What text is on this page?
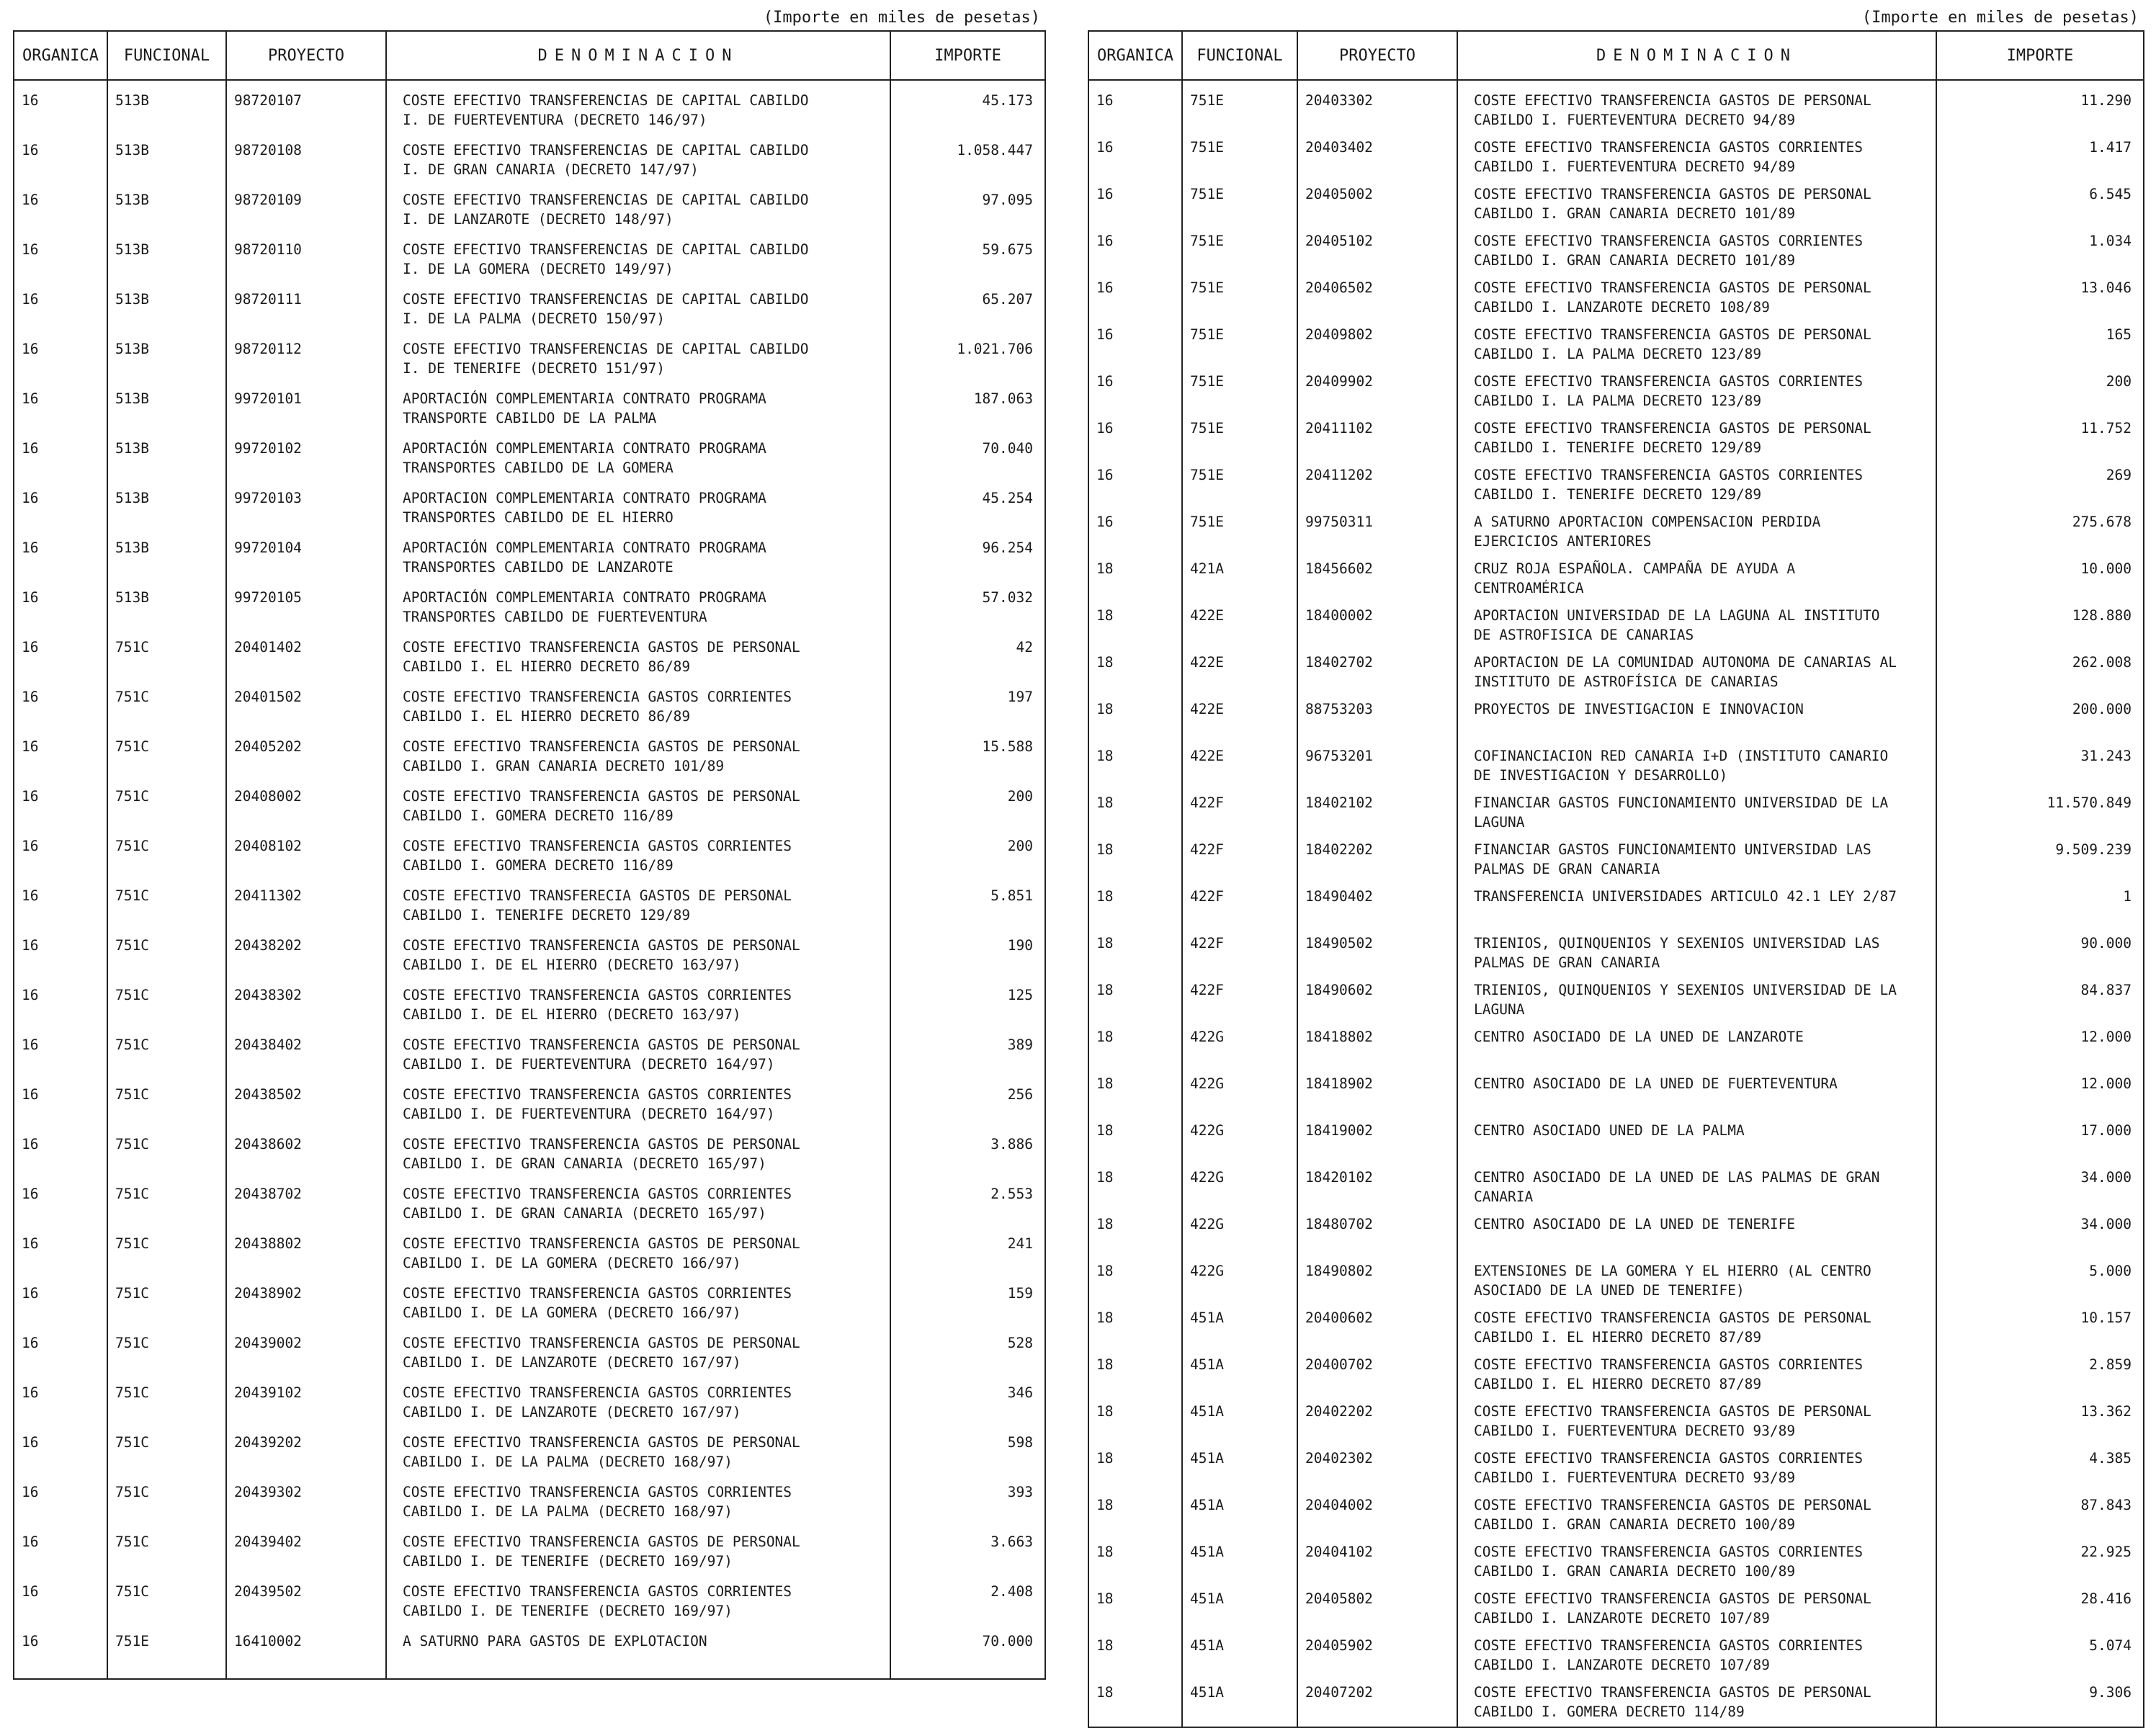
(Importe en miles de pesetas)
ORGANICA	FUNCIONAL	PROYECTO	DENOMINACION	IMPORTE
16	513B	98720107	COSTE EFECTIVO TRANSFERENCIAS DE CAPITAL CABILDO
I. DE FUERTEVENTURA (DECRETO 146/97)	45.173
16	513B	98720108	COSTE EFECTIVO TRANSFERENCIAS DE CAPITAL CABILDO
I. DE GRAN CANARIA (DECRETO 147/97)	1.058.447
16	513B	98720109	COSTE EFECTIVO TRANSFERENCIAS DE CAPITAL CABILDO
I. DE LANZAROTE (DECRETO 148/97)	97.095
16	513B	98720110	COSTE EFECTIVO TRANSFERENCIAS DE CAPITAL CABILDO
I. DE LA GOMERA (DECRETO 149/97)	59.675
16	513B	98720111	COSTE EFECTIVO TRANSFERENCIAS DE CAPITAL CABILDO
I. DE LA PALMA (DECRETO 150/97)	65.207
16	513B	98720112	COSTE EFECTIVO TRANSFERENCIAS DE CAPITAL CABILDO
I. DE TENERIFE (DECRETO 151/97)	1.021.706
16	513B	99720101	APORTACIÓN COMPLEMENTARIA CONTRATO PROGRAMA
TRANSPORTE CABILDO DE LA PALMA	187.063
16	513B	99720102	APORTACIÓN COMPLEMENTARIA CONTRATO PROGRAMA
TRANSPORTES CABILDO DE LA GOMERA	70.040
16	513B	99720103	APORTACION COMPLEMENTARIA CONTRATO PROGRAMA
TRANSPORTES CABILDO DE EL HIERRO	45.254
16	513B	99720104	APORTACIÓN COMPLEMENTARIA CONTRATO PROGRAMA
TRANSPORTES CABILDO DE LANZAROTE	96.254
16	513B	99720105	APORTACIÓN COMPLEMENTARIA CONTRATO PROGRAMA
TRANSPORTES CABILDO DE FUERTEVENTURA	57.032
16	751C	20401402	COSTE EFECTIVO TRANSFERENCIA GASTOS DE PERSONAL
CABILDO I. EL HIERRO DECRETO 86/89	42
16	751C	20401502	COSTE EFECTIVO TRANSFERENCIA GASTOS CORRIENTES
CABILDO I. EL HIERRO DECRETO 86/89	197
16	751C	20405202	COSTE EFECTIVO TRANSFERENCIA GASTOS DE PERSONAL
CABILDO I. GRAN CANARIA DECRETO 101/89	15.588
16	751C	20408002	COSTE EFECTIVO TRANSFERENCIA GASTOS DE PERSONAL
CABILDO I. GOMERA DECRETO 116/89	200
16	751C	20408102	COSTE EFECTIVO TRANSFERENCIA GASTOS CORRIENTES
CABILDO I. GOMERA DECRETO 116/89	200
16	751C	20411302	COSTE EFECTIVO TRANSFERECIA GASTOS DE PERSONAL
CABILDO I. TENERIFE DECRETO 129/89	5.851
16	751C	20438202	COSTE EFECTIVO TRANSFERENCIA GASTOS DE PERSONAL
CABILDO I. DE EL HIERRO (DECRETO 163/97)	190
16	751C	20438302	COSTE EFECTIVO TRANSFERENCIA GASTOS CORRIENTES
CABILDO I. DE EL HIERRO (DECRETO 163/97)	125
16	751C	20438402	COSTE EFECTIVO TRANSFERENCIA GASTOS DE PERSONAL
CABILDO I. DE FUERTEVENTURA (DECRETO 164/97)	389
16	751C	20438502	COSTE EFECTIVO TRANSFERENCIA GASTOS CORRIENTES
CABILDO I. DE FUERTEVENTURA (DECRETO 164/97)	256
16	751C	20438602	COSTE EFECTIVO TRANSFERENCIA GASTOS DE PERSONAL
CABILDO I. DE GRAN CANARIA (DECRETO 165/97)	3.886
16	751C	20438702	COSTE EFECTIVO TRANSFERENCIA GASTOS CORRIENTES
CABILDO I. DE GRAN CANARIA (DECRETO 165/97)	2.553
16	751C	20438802	COSTE EFECTIVO TRANSFERENCIA GASTOS DE PERSONAL
CABILDO I. DE LA GOMERA (DECRETO 166/97)	241
16	751C	20438902	COSTE EFECTIVO TRANSFERENCIA GASTOS CORRIENTES
CABILDO I. DE LA GOMERA (DECRETO 166/97)	159
16	751C	20439002	COSTE EFECTIVO TRANSFERENCIA GASTOS DE PERSONAL
CABILDO I. DE LANZAROTE (DECRETO 167/97)	528
16	751C	20439102	COSTE EFECTIVO TRANSFERENCIA GASTOS CORRIENTES
CABILDO I. DE LANZAROTE (DECRETO 167/97)	346
16	751C	20439202	COSTE EFECTIVO TRANSFERENCIA GASTOS DE PERSONAL
CABILDO I. DE LA PALMA (DECRETO 168/97)	598
16	751C	20439302	COSTE EFECTIVO TRANSFERENCIA GASTOS CORRIENTES
CABILDO I. DE LA PALMA (DECRETO 168/97)	393
16	751C	20439402	COSTE EFECTIVO TRANSFERENCIA GASTOS DE PERSONAL
CABILDO I. DE TENERIFE (DECRETO 169/97)	3.663
16	751C	20439502	COSTE EFECTIVO TRANSFERENCIA GASTOS CORRIENTES
CABILDO I. DE TENERIFE (DECRETO 169/97)	2.408
16	751E	16410002	A SATURNO PARA GASTOS DE EXPLOTACION	70.000
(Importe en miles de pesetas)
ORGANICA	FUNCIONAL	PROYECTO	DENOMINACION	IMPORTE
16	751E	20403302	COSTE EFECTIVO TRANSFERENCIA GASTOS DE PERSONAL
CABILDO I. FUERTEVENTURA DECRETO 94/89	11.290
16	751E	20403402	COSTE EFECTIVO TRANSFERENCIA GASTOS CORRIENTES
CABILDO I. FUERTEVENTURA DECRETO 94/89	1.417
16	751E	20405002	COSTE EFECTIVO TRANSFERENCIA GASTOS DE PERSONAL
CABILDO I. GRAN CANARIA DECRETO 101/89	6.545
16	751E	20405102	COSTE EFECTIVO TRANSFERENCIA GASTOS CORRIENTES
CABILDO I. GRAN CANARIA DECRETO 101/89	1.034
16	751E	20406502	COSTE EFECTIVO TRANSFERENCIA GASTOS DE PERSONAL
CABILDO I. LANZAROTE DECRETO 108/89	13.046
16	751E	20409802	COSTE EFECTIVO TRANSFERENCIA GASTOS DE PERSONAL
CABILDO I. LA PALMA DECRETO 123/89	165
16	751E	20409902	COSTE EFECTIVO TRANSFERENCIA GASTOS CORRIENTES
CABILDO I. LA PALMA DECRETO 123/89	200
16	751E	20411102	COSTE EFECTIVO TRANSFERENCIA GASTOS DE PERSONAL
CABILDO I. TENERIFE DECRETO 129/89	11.752
16	751E	20411202	COSTE EFECTIVO TRANSFERENCIA GASTOS CORRIENTES
CABILDO I. TENERIFE DECRETO 129/89	269
16	751E	99750311	A SATURNO APORTACION COMPENSACION PERDIDA
EJERCICIOS ANTERIORES	275.678
18	421A	18456602	CRUZ ROJA ESPAÑOLA. CAMPAÑA DE AYUDA A
CENTROAMÉRICA	10.000
18	422E	18400002	APORTACION UNIVERSIDAD DE LA LAGUNA AL INSTITUTO
DE ASTROFISICA DE CANARIAS	128.880
18	422E	18402702	APORTACION DE LA COMUNIDAD AUTONOMA DE CANARIAS AL
INSTITUTO DE ASTROFÍSICA DE CANARIAS	262.008
18	422E	88753203	PROYECTOS DE INVESTIGACION E INNOVACION	200.000
18	422E	96753201	COFINANCIACION RED CANARIA I+D (INSTITUTO CANARIO
DE INVESTIGACION Y DESARROLLO)	31.243
18	422F	18402102	FINANCIAR GASTOS FUNCIONAMIENTO UNIVERSIDAD DE LA
LAGUNA	11.570.849
18	422F	18402202	FINANCIAR GASTOS FUNCIONAMIENTO UNIVERSIDAD LAS
PALMAS DE GRAN CANARIA	9.509.239
18	422F	18490402	TRANSFERENCIA UNIVERSIDADES ARTICULO 42.1 LEY 2/87	1
18	422F	18490502	TRIENIOS, QUINQUENIOS Y SEXENIOS UNIVERSIDAD LAS
PALMAS DE GRAN CANARIA	90.000
18	422F	18490602	TRIENIOS, QUINQUENIOS Y SEXENIOS UNIVERSIDAD DE LA
LAGUNA	84.837
18	422G	18418802	CENTRO ASOCIADO DE LA UNED DE LANZAROTE	12.000
18	422G	18418902	CENTRO ASOCIADO DE LA UNED DE FUERTEVENTURA	12.000
18	422G	18419002	CENTRO ASOCIADO UNED DE LA PALMA	17.000
18	422G	18420102	CENTRO ASOCIADO DE LA UNED DE LAS PALMAS DE GRAN
CANARIA	34.000
18	422G	18480702	CENTRO ASOCIADO DE LA UNED DE TENERIFE	34.000
18	422G	18490802	EXTENSIONES DE LA GOMERA Y EL HIERRO (AL CENTRO
ASOCIADO DE LA UNED DE TENERIFE)	5.000
18	451A	20400602	COSTE EFECTIVO TRANSFERENCIA GASTOS DE PERSONAL
CABILDO I. EL HIERRO DECRETO 87/89	10.157
18	451A	20400702	COSTE EFECTIVO TRANSFERENCIA GASTOS CORRIENTES
CABILDO I. EL HIERRO DECRETO 87/89	2.859
18	451A	20402202	COSTE EFECTIVO TRANSFERENCIA GASTOS DE PERSONAL
CABILDO I. FUERTEVENTURA DECRETO 93/89	13.362
18	451A	20402302	COSTE EFECTIVO TRANSFERENCIA GASTOS CORRIENTES
CABILDO I. FUERTEVENTURA DECRETO 93/89	4.385
18	451A	20404002	COSTE EFECTIVO TRANSFERENCIA GASTOS DE PERSONAL
CABILDO I. GRAN CANARIA DECRETO 100/89	87.843
18	451A	20404102	COSTE EFECTIVO TRANSFERENCIA GASTOS CORRIENTES
CABILDO I. GRAN CANARIA DECRETO 100/89	22.925
18	451A	20405802	COSTE EFECTIVO TRANSFERENCIA GASTOS DE PERSONAL
CABILDO I. LANZAROTE DECRETO 107/89	28.416
18	451A	20405902	COSTE EFECTIVO TRANSFERENCIA GASTOS CORRIENTES
CABILDO I. LANZAROTE DECRETO 107/89	5.074
18	451A	20407202	COSTE EFECTIVO TRANSFERENCIA GASTOS DE PERSONAL
CABILDO I. GOMERA DECRETO 114/89	9.306
